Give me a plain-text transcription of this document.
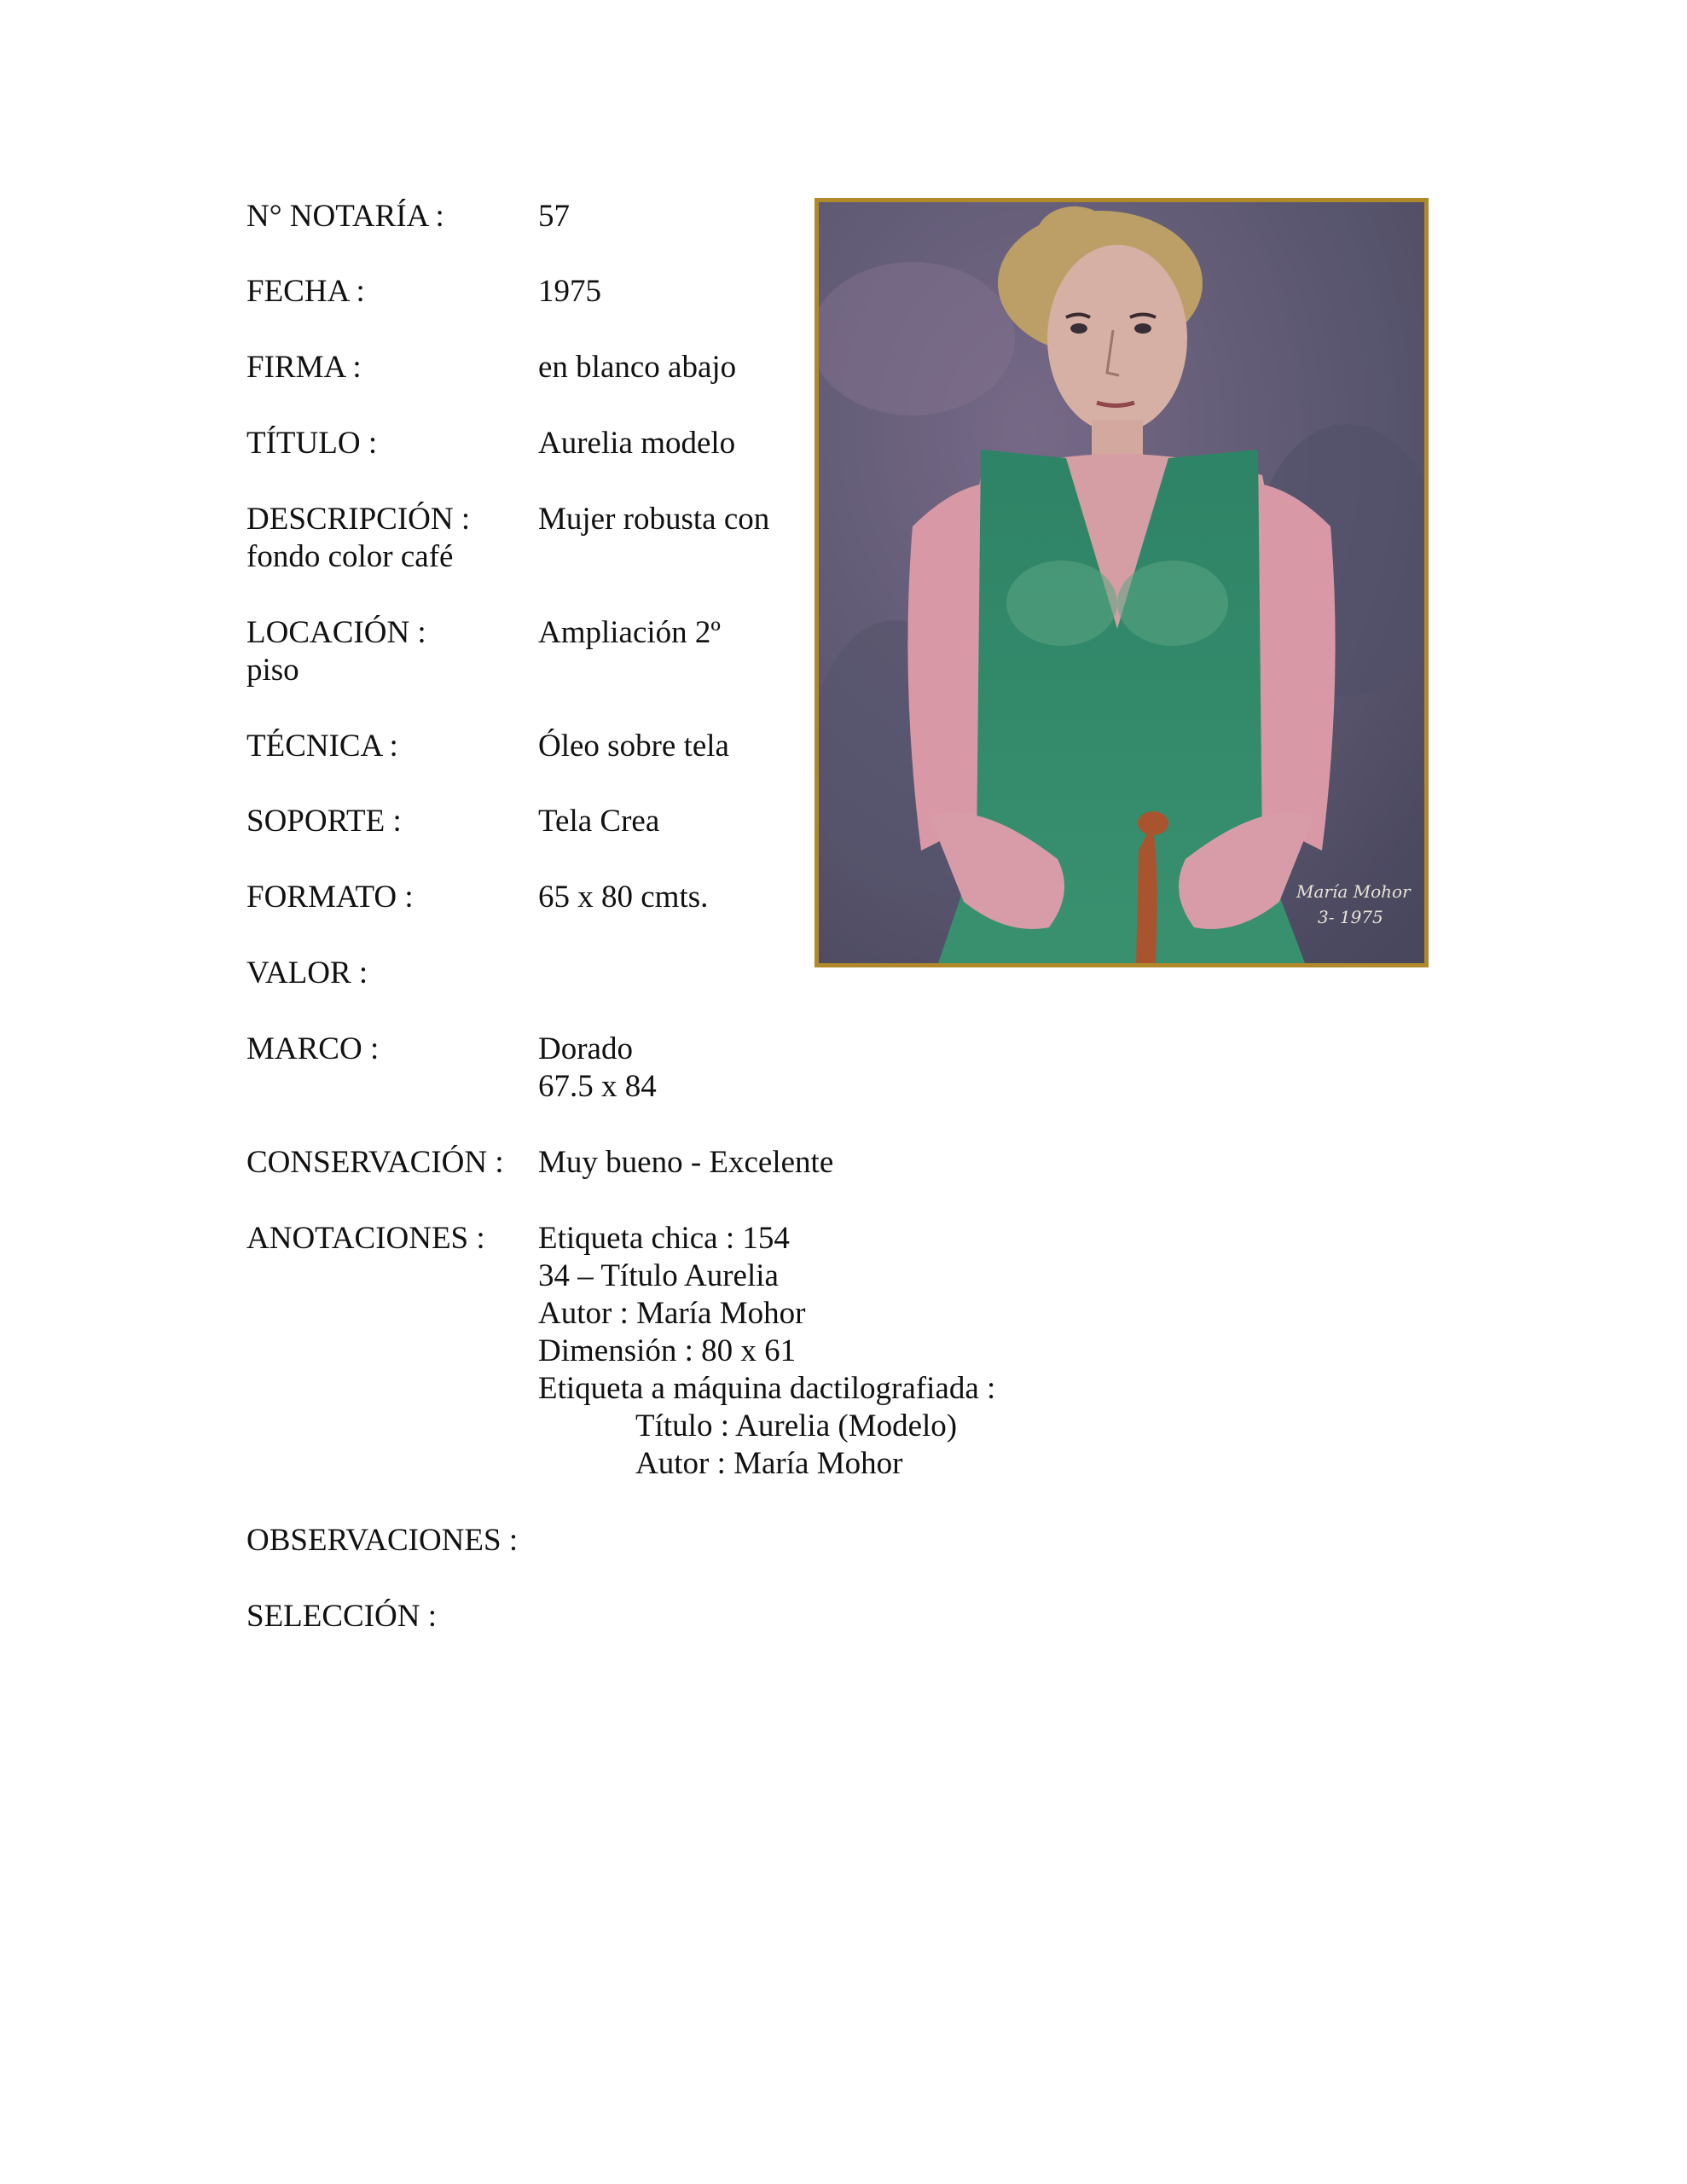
N° NOTARÍA :	57
FECHA :	1975
FIRMA :	en blanco abajo
TÍTULO :	Aurelia modelo
DESCRIPCIÓN : Mujer robusta con
fondo color café
LOCACIÓN :	Ampliación 2º
piso
TÉCNICA :	Óleo sobre tela
SOPORTE :	Tela Crea
FORMATO :	65 x 80 cmts.
VALOR :
MARCO :	Dorado
67.5 x 84
CONSERVACIÓN : Muy bueno - Excelente
ANOTACIONES : Etiqueta chica : 154
34 – Título Aurelia
Autor : María Mohor
Dimensión : 80 x 61
Etiqueta a máquina dactilografiada :
Título : Aurelia (Modelo)
Autor : María Mohor
OBSERVACIONES :
SELECCIÓN :
María Mohor
3- 1975
